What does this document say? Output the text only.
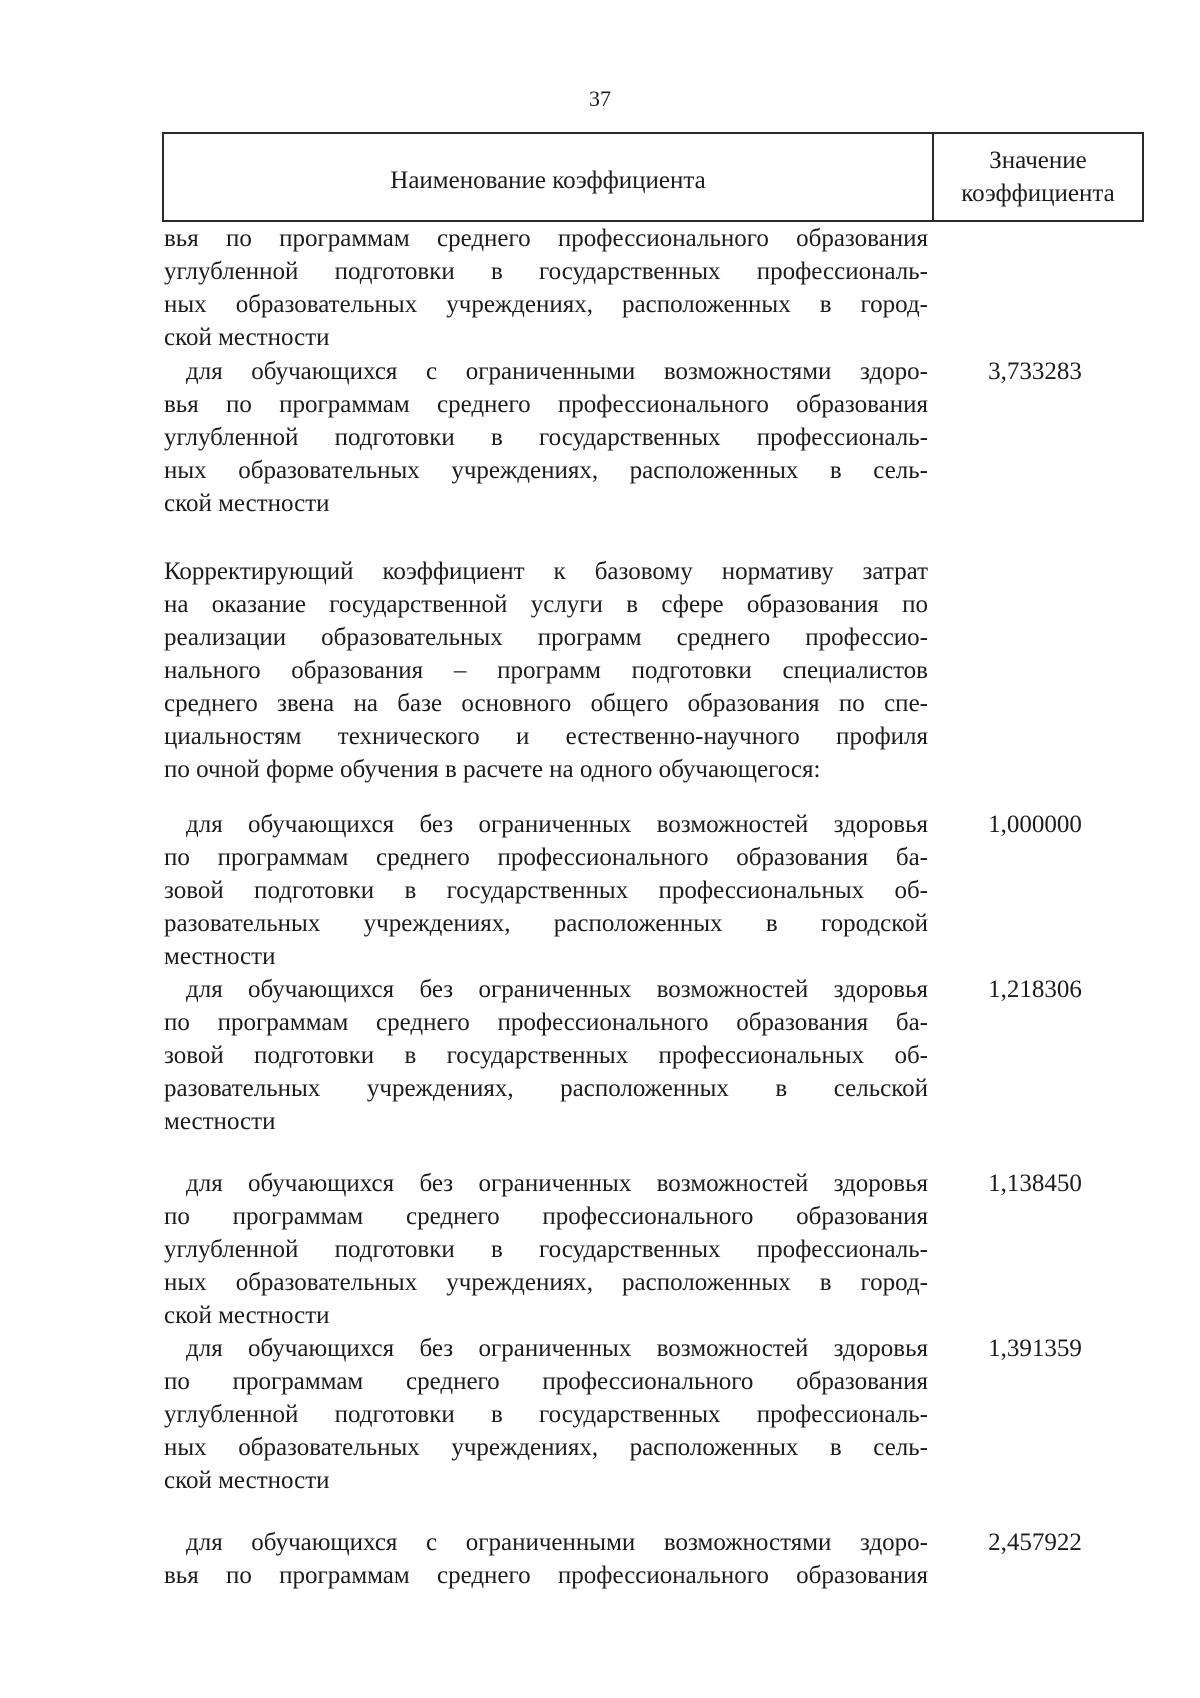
37
Наименование коэффициента
Значение коэффициента
вья по программам среднего профессионального образования
углубленной подготовки в государственных профессиональ-
ных образовательных учреждениях, расположенных в город-
ской местности
для обучающихся с ограниченными возможностями здоро-
вья по программам среднего профессионального образования
углубленной подготовки в государственных профессиональ-
ных образовательных учреждениях, расположенных в сель-
ской местности
3,733283
Корректирующий коэффициент к базовому нормативу затрат
на оказание государственной услуги в сфере образования по
реализации образовательных программ среднего профессио-
нального образования – программ подготовки специалистов
среднего звена на базе основного общего образования по спе-
циальностям технического и естественно-научного профиля
по очной форме обучения в расчете на одного обучающегося:
для обучающихся без ограниченных возможностей здоровья
по программам среднего профессионального образования ба-
зовой подготовки в государственных профессиональных об-
разовательных учреждениях, расположенных в городской
местности
1,000000
для обучающихся без ограниченных возможностей здоровья
по программам среднего профессионального образования ба-
зовой подготовки в государственных профессиональных об-
разовательных учреждениях, расположенных в сельской
местности
1,218306
для обучающихся без ограниченных возможностей здоровья
по программам среднего профессионального образования
углубленной подготовки в государственных профессиональ-
ных образовательных учреждениях, расположенных в город-
ской местности
1,138450
для обучающихся без ограниченных возможностей здоровья
по программам среднего профессионального образования
углубленной подготовки в государственных профессиональ-
ных образовательных учреждениях, расположенных в сель-
ской местности
1,391359
для обучающихся с ограниченными возможностями здоро-
вья по программам среднего профессионального образования
2,457922
